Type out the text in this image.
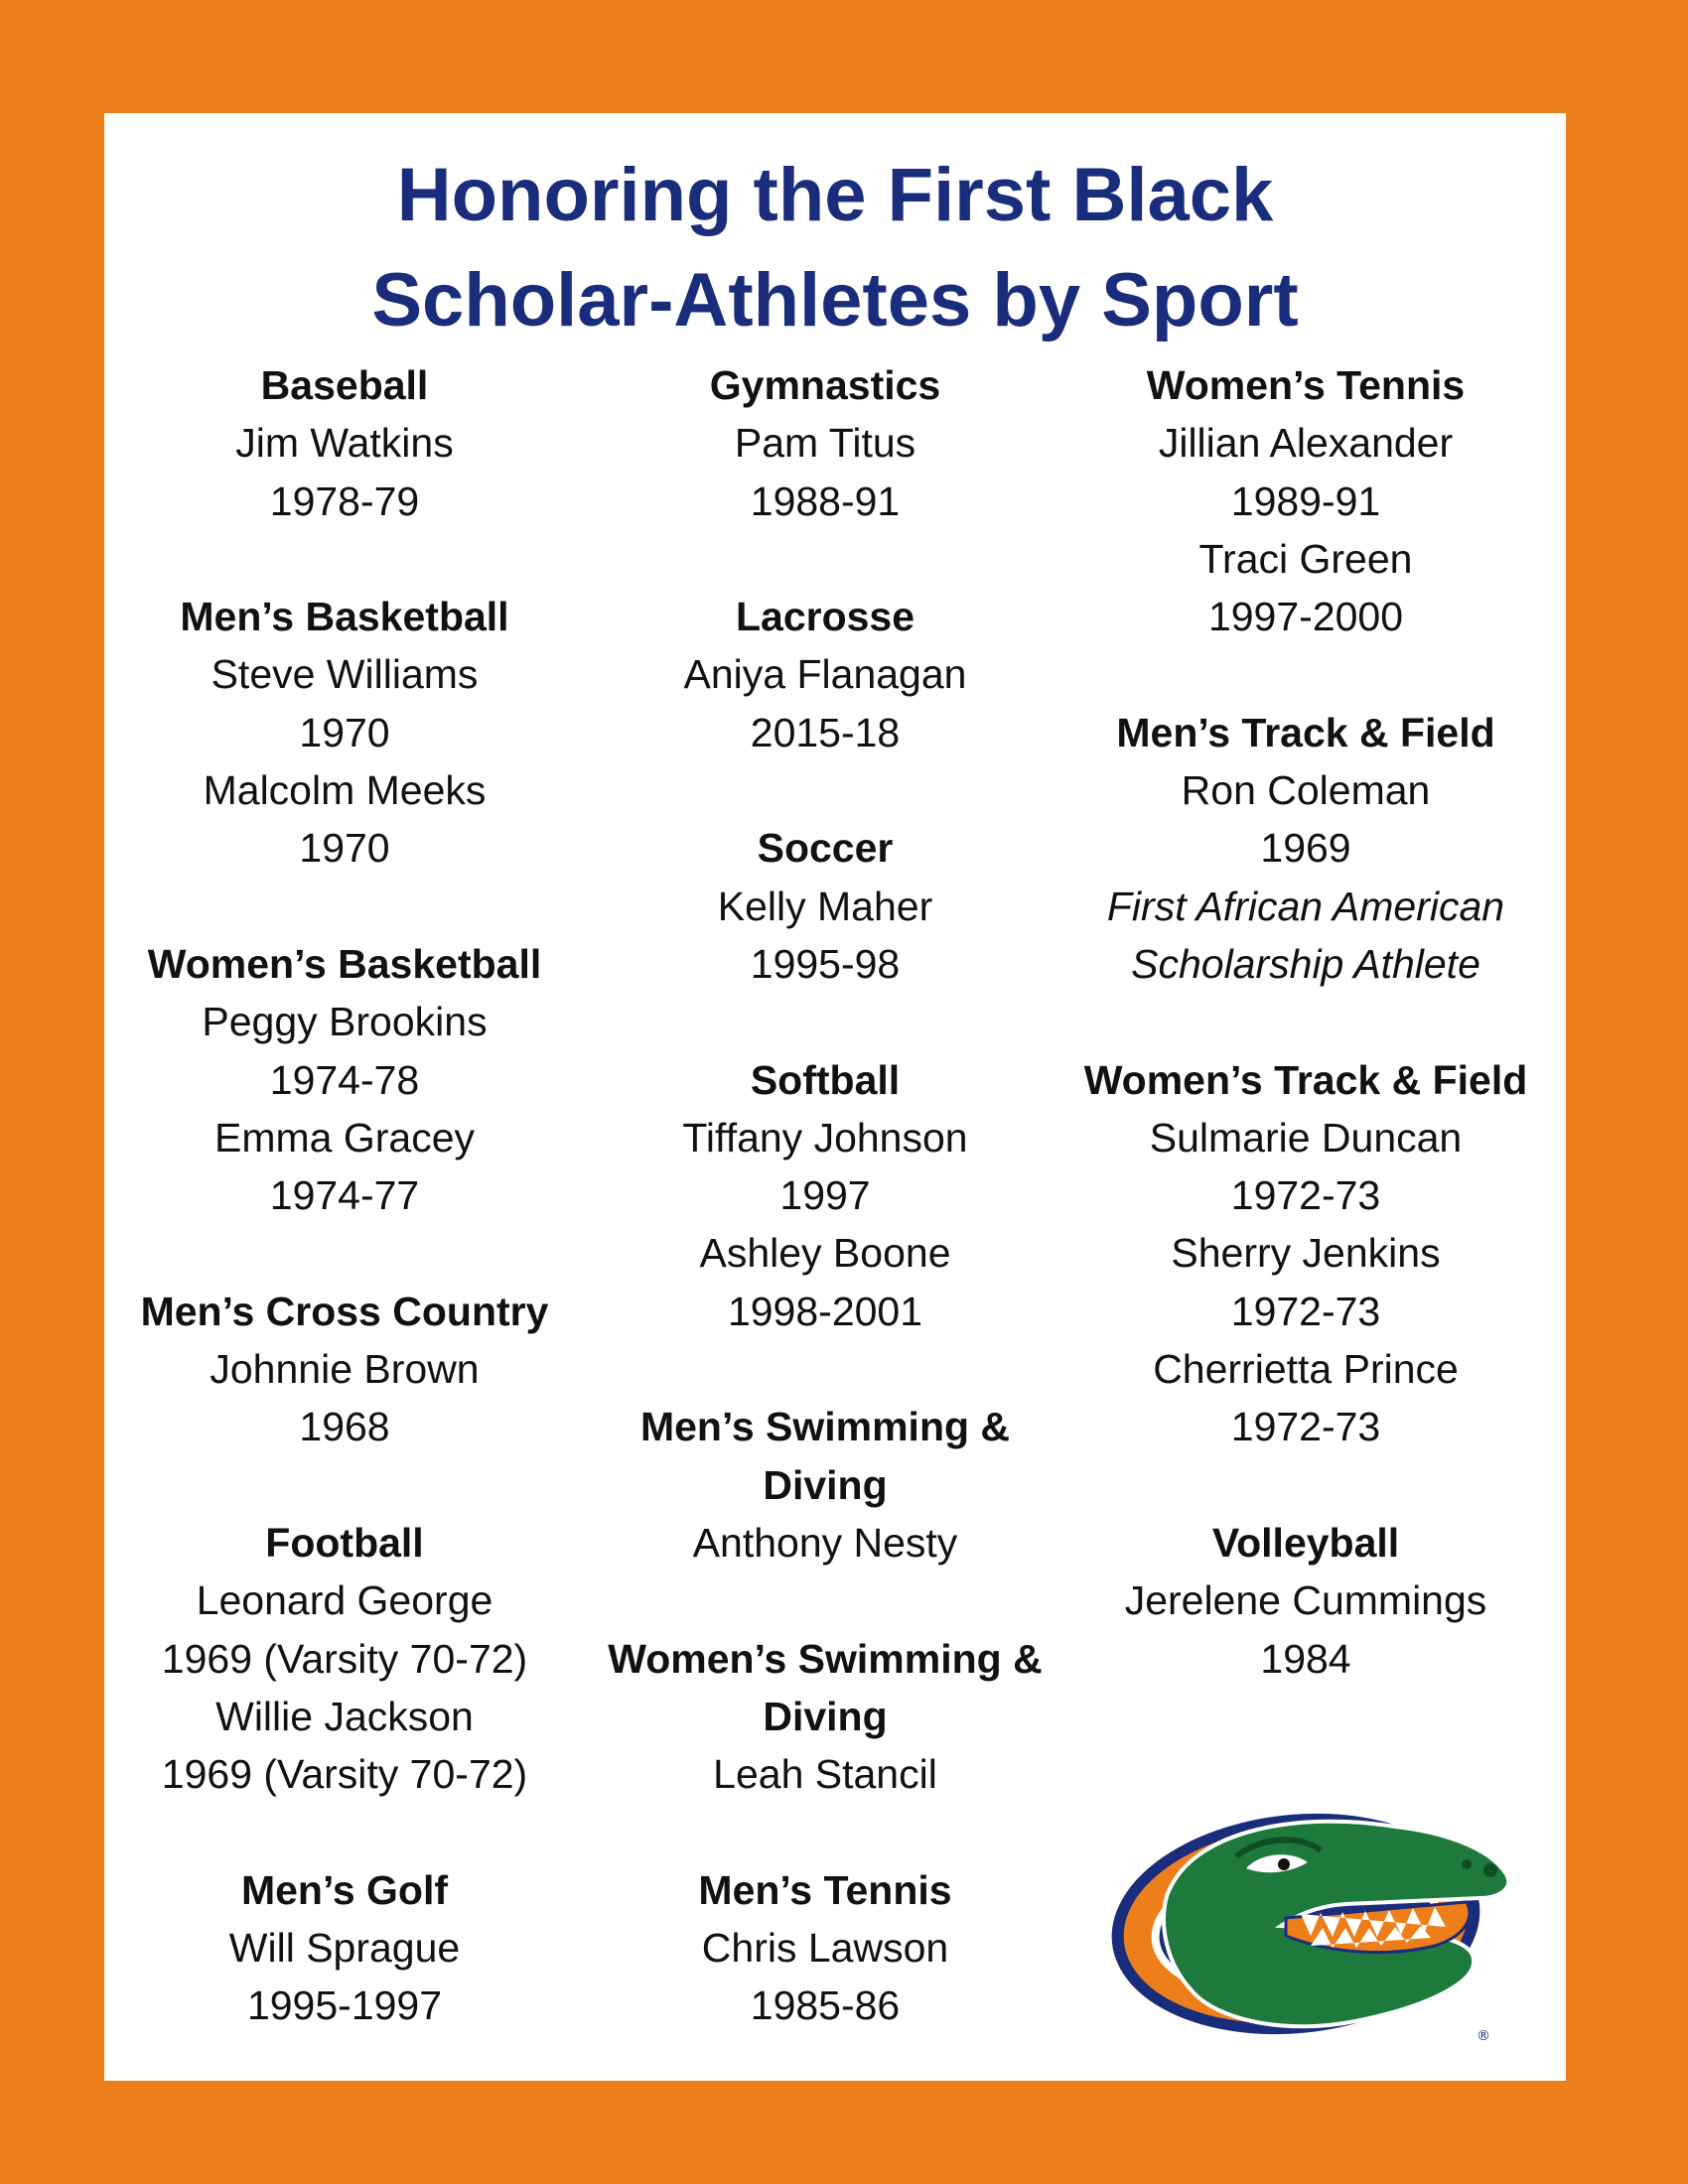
Honoring the First Black
Scholar-Athletes by Sport
Baseball
Jim Watkins
1978-79
Men’s Basketball
Steve Williams
1970
Malcolm Meeks
1970
Women’s Basketball
Peggy Brookins
1974-78
Emma Gracey
1974-77
Men’s Cross Country
Johnnie Brown
1968
Football
Leonard George
1969 (Varsity 70-72)
Willie Jackson
1969 (Varsity 70-72)
Men’s Golf
Will Sprague
1995-1997
Gymnastics
Pam Titus
1988-91
Lacrosse
Aniya Flanagan
2015-18
Soccer
Kelly Maher
1995-98
Softball
Tiffany Johnson
1997
Ashley Boone
1998-2001
Men’s Swimming &
Diving
Anthony Nesty
Women’s Swimming &
Diving
Leah Stancil
Men’s Tennis
Chris Lawson
1985-86
Women’s Tennis
Jillian Alexander
1989-91
Traci Green
1997-2000
Men’s Track & Field
Ron Coleman
1969
First African American
Scholarship Athlete
Women’s Track & Field
Sulmarie Duncan
1972-73
Sherry Jenkins
1972-73
Cherrietta Prince
1972-73
Volleyball
Jerelene Cummings
1984
®
